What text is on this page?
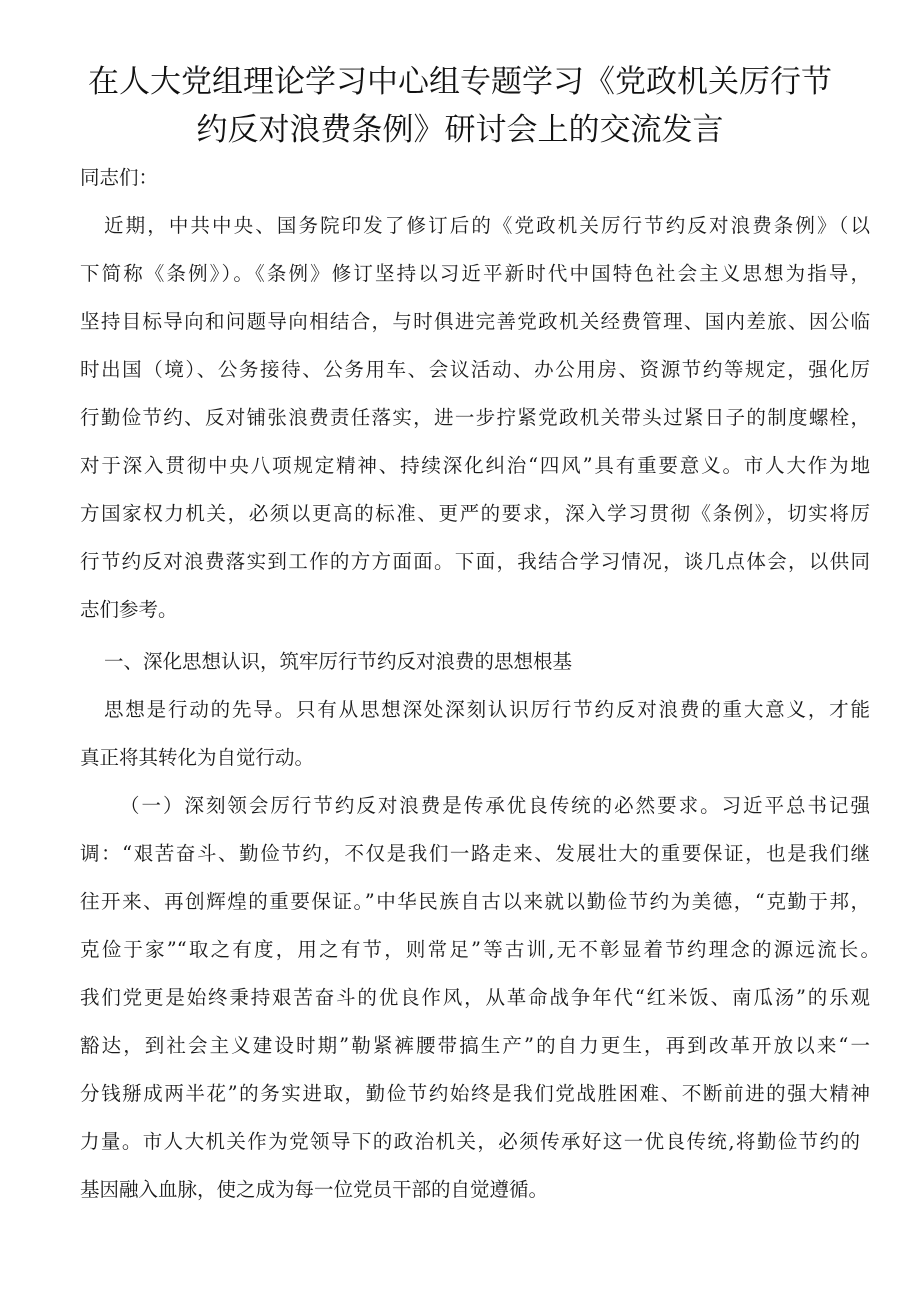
在人大党组理论学习中心组专题学习《党政机关厉行节
约反对浪费条例》研讨会上的交流发言
同志们：
近期，中共中央、国务院印发了修订后的《党政机关厉行节约反对浪费条例》（以
下简称《条例》）。《条例》修订坚持以习近平新时代中国特色社会主义思想为指导，
坚持目标导向和问题导向相结合，与时俱进完善党政机关经费管理、国内差旅、因公临
时出国（境）、公务接待、公务用车、会议活动、办公用房、资源节约等规定，强化厉
行勤俭节约、反对铺张浪费责任落实，进一步拧紧党政机关带头过紧日子的制度螺栓，
对于深入贯彻中央八项规定精神、持续深化纠治“四风”具有重要意义。市人大作为地
方国家权力机关，必须以更高的标准、更严的要求，深入学习贯彻《条例》，切实将厉
行节约反对浪费落实到工作的方方面面。下面，我结合学习情况，谈几点体会，以供同
志们参考。
一、深化思想认识，筑牢厉行节约反对浪费的思想根基
思想是行动的先导。只有从思想深处深刻认识厉行节约反对浪费的重大意义，才能
真正将其转化为自觉行动。
（一）深刻领会厉行节约反对浪费是传承优良传统的必然要求。习近平总书记强
调：“艰苦奋斗、勤俭节约，不仅是我们一路走来、发展壮大的重要保证，也是我们继
往开来、再创辉煌的重要保证。”中华民族自古以来就以勤俭节约为美德，“克勤于邦，
克俭于家”“取之有度，用之有节，则常足”等古训,无不彰显着节约理念的源远流长。
我们党更是始终秉持艰苦奋斗的优良作风，从革命战争年代“红米饭、南瓜汤”的乐观
豁达，到社会主义建设时期”勒紧裤腰带搞生产”的自力更生，再到改革开放以来“一
分钱掰成两半花”的务实进取，勤俭节约始终是我们党战胜困难、不断前进的强大精神
力量。市人大机关作为党领导下的政治机关，必须传承好这一优良传统,将勤俭节约的
基因融入血脉，使之成为每一位党员干部的自觉遵循。
